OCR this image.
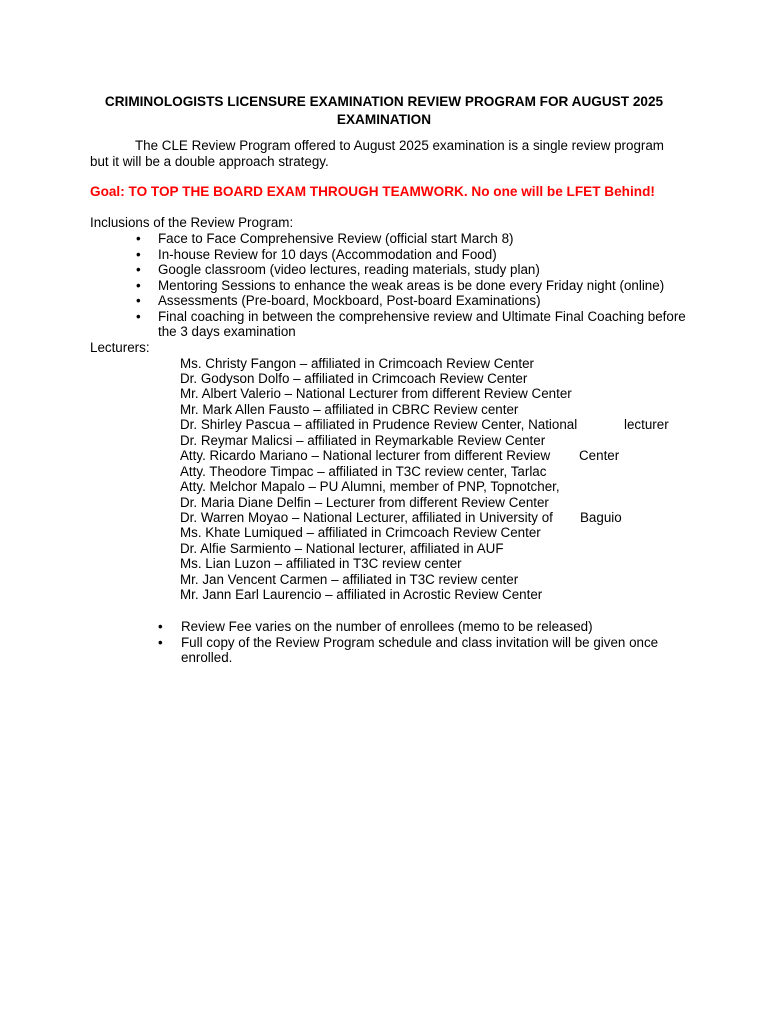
CRIMINOLOGISTS LICENSURE EXAMINATION REVIEW PROGRAM FOR AUGUST 2025 EXAMINATION
The CLE Review Program offered to August 2025 examination is a single review program but it will be a double approach strategy.
Goal: TO TOP THE BOARD EXAM THROUGH TEAMWORK. No one will be LFET Behind!
Inclusions of the Review Program:
• Face to Face Comprehensive Review (official start March 8)
• In-house Review for 10 days (Accommodation and Food)
• Google classroom (video lectures, reading materials, study plan)
• Mentoring Sessions to enhance the weak areas is be done every Friday night (online)
• Assessments (Pre-board, Mockboard, Post-board Examinations)
• Final coaching in between the comprehensive review and Ultimate Final Coaching before the 3 days examination
Lecturers:
Ms. Christy Fangon – affiliated in Crimcoach Review Center
Dr. Godyson Dolfo – affiliated in Crimcoach Review Center
Mr. Albert Valerio – National Lecturer from different Review Center
Mr. Mark Allen Fausto – affiliated in CBRC Review center
Dr. Shirley Pascua – affiliated in Prudence Review Center, National	lecturer
Dr. Reymar Malicsi – affiliated in Reymarkable Review Center
Atty. Ricardo Mariano – National lecturer from different Review Center
Atty. Theodore Timpac – affiliated in T3C review center, Tarlac
Atty. Melchor Mapalo – PU Alumni, member of PNP, Topnotcher,
Dr. Maria Diane Delfin – Lecturer from different Review Center
Dr. Warren Moyao – National Lecturer, affiliated in University of Baguio
Ms. Khate Lumiqued – affiliated in Crimcoach Review Center
Dr. Alfie Sarmiento – National lecturer, affiliated in AUF
Ms. Lian Luzon – affiliated in T3C review center
Mr. Jan Vencent Carmen – affiliated in T3C review center
Mr. Jann Earl Laurencio – affiliated in Acrostic Review Center
• Review Fee varies on the number of enrollees (memo to be released)
• Full copy of the Review Program schedule and class invitation will be given once enrolled.
